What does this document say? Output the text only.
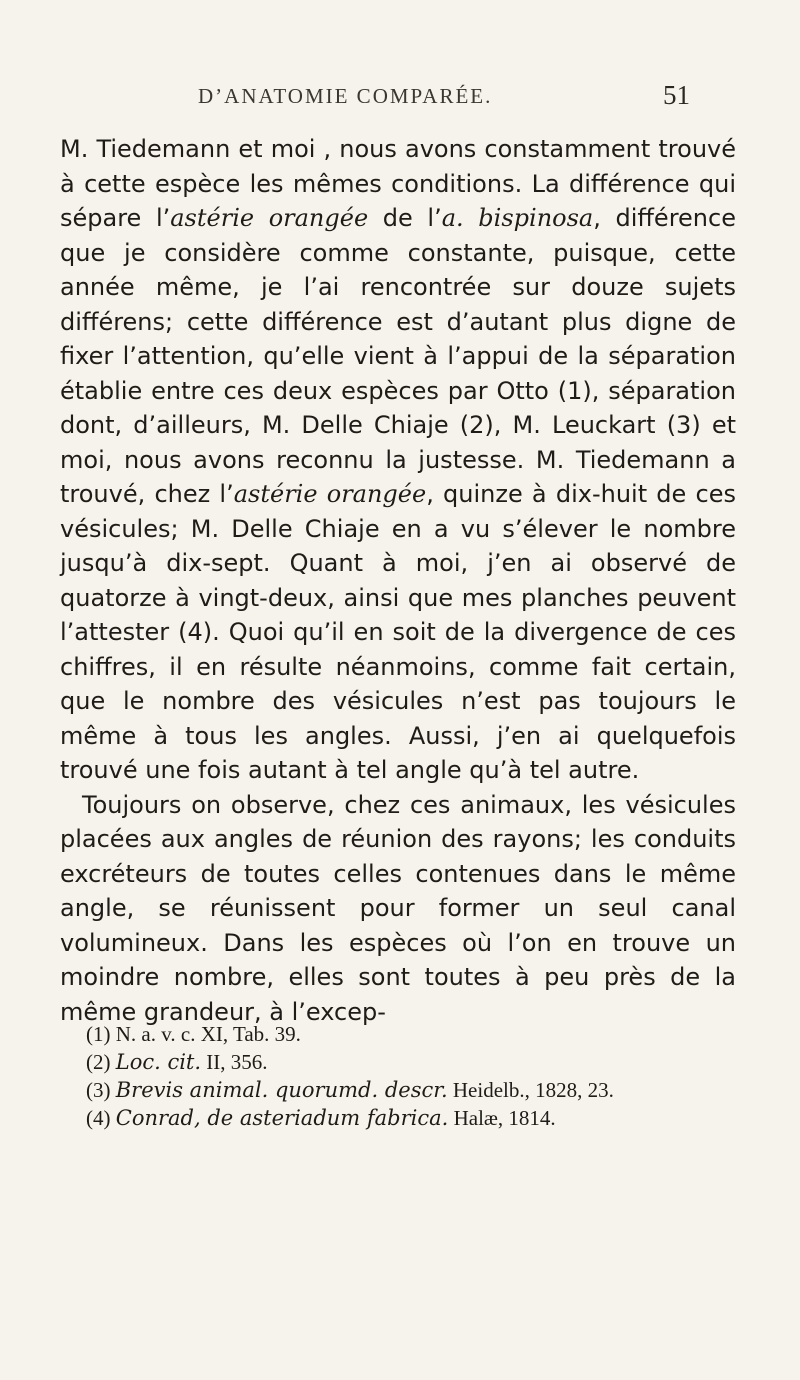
D’ANATOMIE COMPARÉE.	51

M. Tiedemann et moi , nous avons constamment trouvé à cette espèce les mêmes conditions. La différence qui sépare l’astérie orangée de l’a. bispinosa, différence que je considère comme constante, puisque, cette année même, je l’ai rencontrée sur douze sujets différens; cette différence est d’autant plus digne de fixer l’attention, qu’elle vient à l’appui de la séparation établie entre ces deux espèces par Otto (1), séparation dont, d’ailleurs, M. Delle Chiaje (2), M. Leuckart (3) et moi, nous avons reconnu la justesse. M. Tiedemann a trouvé, chez l’astérie orangée, quinze à dix-huit de ces vésicules; M. Delle Chiaje en a vu s’élever le nombre jusqu’à dix-sept. Quant à moi, j’en ai observé de quatorze à vingt-deux, ainsi que mes planches peuvent l’attester (4). Quoi qu’il en soit de la divergence de ces chiffres, il en résulte néanmoins, comme fait certain, que le nombre des vésicules n’est pas toujours le même à tous les angles. Aussi, j’en ai quelquefois trouvé une fois autant à tel angle qu’à tel autre.

Toujours on observe, chez ces animaux, les vésicules placées aux angles de réunion des rayons; les conduits excréteurs de toutes celles contenues dans le même angle, se réunissent pour former un seul canal volumineux. Dans les espèces où l’on en trouve un moindre nombre, elles sont toutes à peu près de la même grandeur, à l’excep-

(1) N. a. v. c. XI, Tab. 39.

(2) Loc. cit. II, 356.

(3) Brevis animal. quorumd. descr. Heidelb., 1828, 23.

(4) Conrad, de asteriadum fabrica. Halæ, 1814.
